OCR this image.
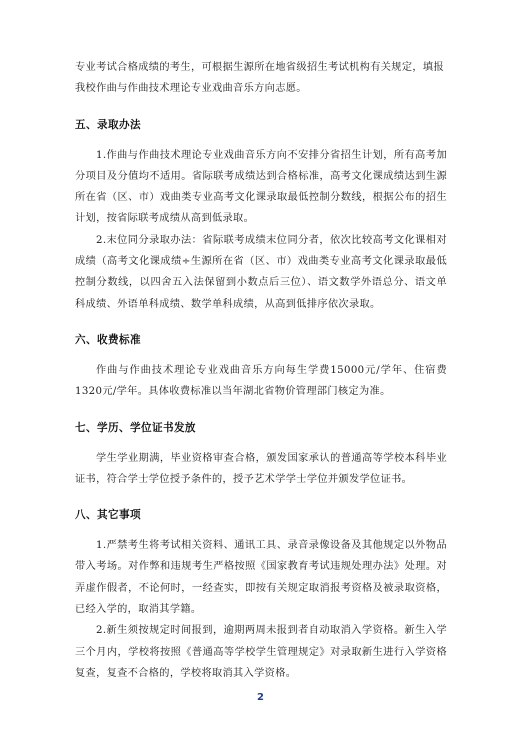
专业考试合格成绩的考生，可根据生源所在地省级招生考试机构有关规定，填报我校作曲与作曲技术理论专业戏曲音乐方向志愿。

五、录取办法

1.作曲与作曲技术理论专业戏曲音乐方向不安排分省招生计划，所有高考加分项目及分值均不适用。省际联考成绩达到合格标准，高考文化课成绩达到生源所在省（区、市）戏曲类专业高考文化课录取最低控制分数线，根据公布的招生计划，按省际联考成绩从高到低录取。

2.末位同分录取办法：省际联考成绩末位同分者，依次比较高考文化课相对成绩（高考文化课成绩÷生源所在省（区、市）戏曲类专业高考文化课录取最低控制分数线，以四舍五入法保留到小数点后三位）、语文数学外语总分、语文单科成绩、外语单科成绩、数学单科成绩，从高到低排序依次录取。

六、收费标准

作曲与作曲技术理论专业戏曲音乐方向每生学费15000元/学年、住宿费1320元/学年。具体收费标准以当年湖北省物价管理部门核定为准。

七、学历、学位证书发放

学生学业期满，毕业资格审查合格，颁发国家承认的普通高等学校本科毕业证书，符合学士学位授予条件的，授予艺术学学士学位并颁发学位证书。

八、其它事项

1.严禁考生将考试相关资料、通讯工具、录音录像设备及其他规定以外物品带入考场。对作弊和违规考生严格按照《国家教育考试违规处理办法》处理。对弄虚作假者，不论何时，一经查实，即按有关规定取消报考资格及被录取资格，已经入学的，取消其学籍。

2.新生须按规定时间报到，逾期两周未报到者自动取消入学资格。新生入学三个月内，学校将按照《普通高等学校学生管理规定》对录取新生进行入学资格复查，复查不合格的，学校将取消其入学资格。

2
